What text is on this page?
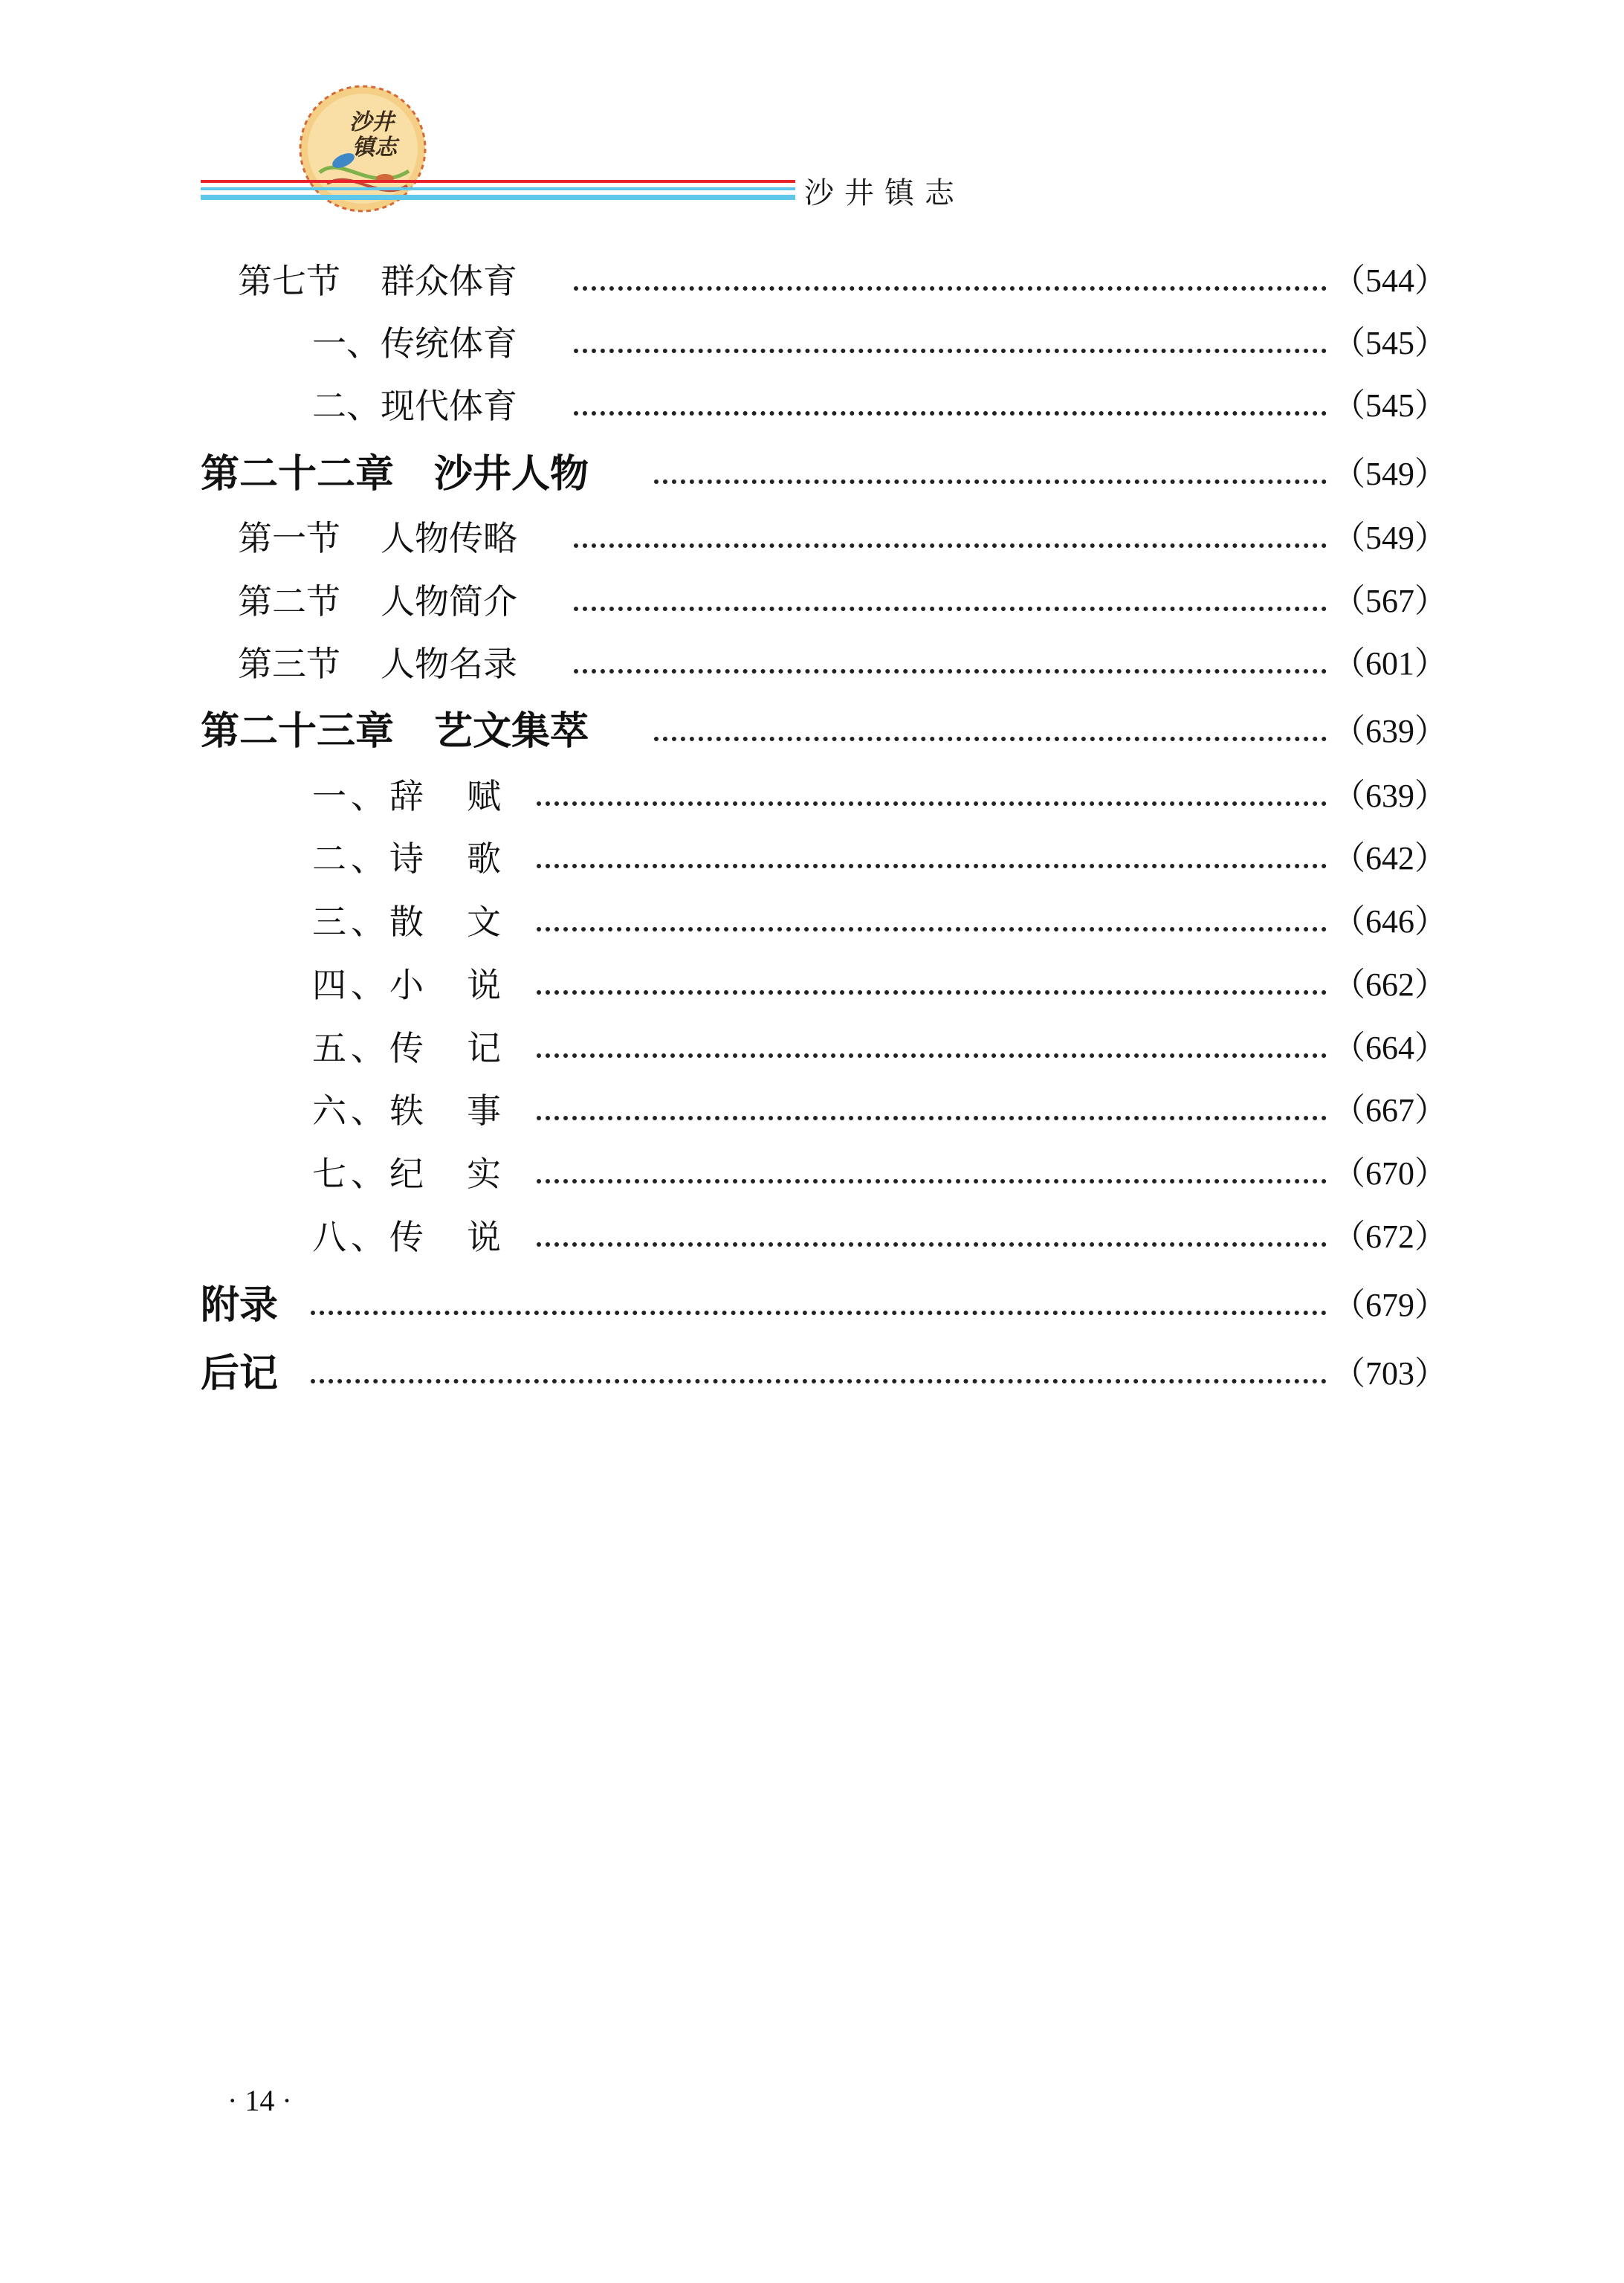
沙井
镇志
沙井镇志
第七节 群众体育	（544）
一、传统体育	（545）
二、现代体育	（545）
第二十二章 沙井人物	（549）
第一节 人物传略	（549）
第二节 人物简介	（567）
第三节 人物名录	（601）
第二十三章 艺文集萃	（639）
一、辞　赋	（639）
二、诗　歌	（642）
三、散　文	（646）
四、小　说	（662）
五、传　记	（664）
六、轶　事	（667）
七、纪　实	（670）
八、传　说	（672）
附录	（679）
后记	（703）
· 14 ·
